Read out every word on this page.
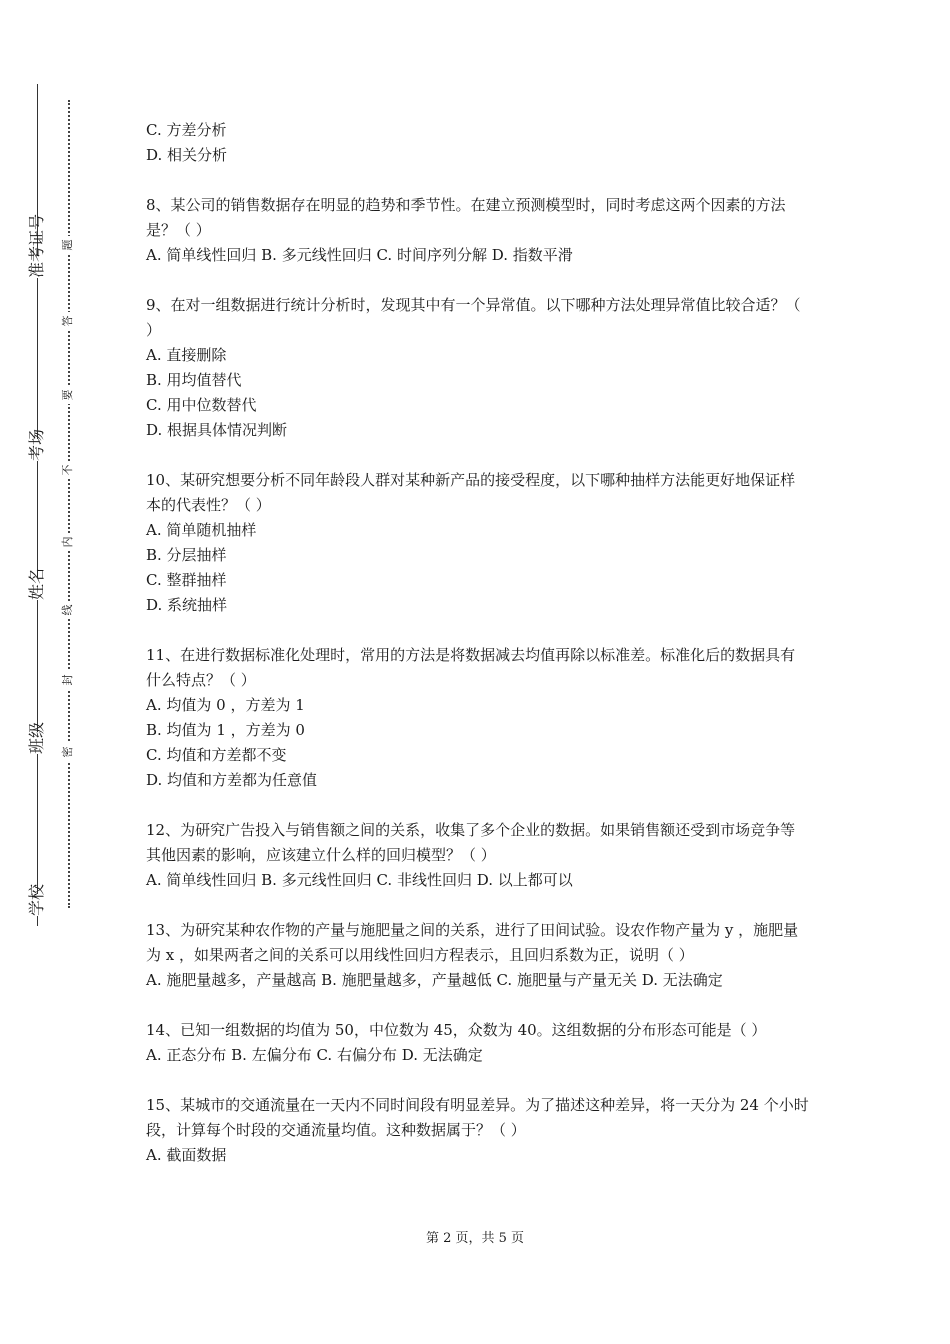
准考证号
考场
姓名
班级
学校
题
答
要
不
内
线
封
密

C. 方差分析

D. 相关分析

8、某公司的销售数据存在明显的趋势和季节性。在建立预测模型时，同时考虑这两个因素的方法是？（ ）

A. 简单线性回归 B. 多元线性回归 C. 时间序列分解 D. 指数平滑

9、在对一组数据进行统计分析时，发现其中有一个异常值。以下哪种方法处理异常值比较合适？（ ）

A. 直接删除

B. 用均值替代

C. 用中位数替代

D. 根据具体情况判断

10、某研究想要分析不同年龄段人群对某种新产品的接受程度，以下哪种抽样方法能更好地保证样本的代表性？（ ）

A. 简单随机抽样

B. 分层抽样

C. 整群抽样

D. 系统抽样

11、在进行数据标准化处理时，常用的方法是将数据减去均值再除以标准差。标准化后的数据具有什么特点？（ ）

A. 均值为 0 ，方差为 1

B. 均值为 1 ，方差为 0

C. 均值和方差都不变

D. 均值和方差都为任意值

12、为研究广告投入与销售额之间的关系，收集了多个企业的数据。如果销售额还受到市场竞争等其他因素的影响，应该建立什么样的回归模型？（ ）

A. 简单线性回归 B. 多元线性回归 C. 非线性回归 D. 以上都可以

13、为研究某种农作物的产量与施肥量之间的关系，进行了田间试验。设农作物产量为 y ，施肥量为 x ，如果两者之间的关系可以用线性回归方程表示，且回归系数为正，说明（ ）

A. 施肥量越多，产量越高 B. 施肥量越多，产量越低 C. 施肥量与产量无关 D. 无法确定

14、已知一组数据的均值为 50，中位数为 45，众数为 40。这组数据的分布形态可能是（ ）

A. 正态分布 B. 左偏分布 C. 右偏分布 D. 无法确定

15、某城市的交通流量在一天内不同时间段有明显差异。为了描述这种差异，将一天分为 24 个小时段，计算每个时段的交通流量均值。这种数据属于？（ ）

A. 截面数据

第 2 页，共 5 页
